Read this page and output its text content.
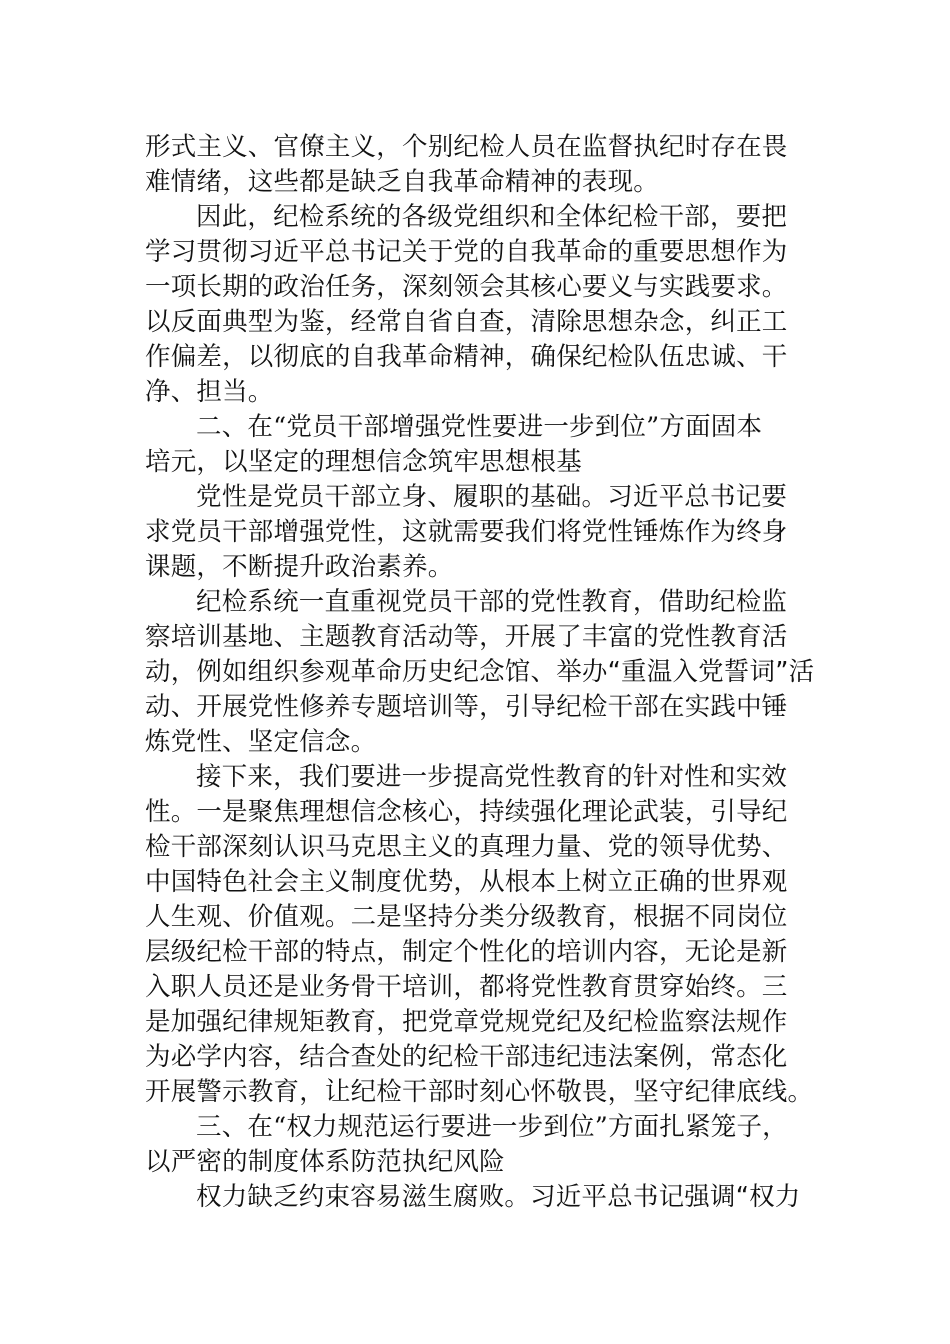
形式主义、官僚主义，个别纪检人员在监督执纪时存在畏
难情绪，这些都是缺乏自我革命精神的表现。
因此，纪检系统的各级党组织和全体纪检干部，要把
学习贯彻习近平总书记关于党的自我革命的重要思想作为
一项长期的政治任务，深刻领会其核心要义与实践要求。
以反面典型为鉴，经常自省自查，清除思想杂念，纠正工
作偏差，以彻底的自我革命精神，确保纪检队伍忠诚、干
净、担当。
二、在“党员干部增强党性要进一步到位”方面固本
培元，以坚定的理想信念筑牢思想根基
党性是党员干部立身、履职的基础。习近平总书记要
求党员干部增强党性，这就需要我们将党性锤炼作为终身
课题，不断提升政治素养。
纪检系统一直重视党员干部的党性教育，借助纪检监
察培训基地、主题教育活动等，开展了丰富的党性教育活
动，例如组织参观革命历史纪念馆、举办“重温入党誓词”活
动、开展党性修养专题培训等，引导纪检干部在实践中锤
炼党性、坚定信念。
接下来，我们要进一步提高党性教育的针对性和实效
性。一是聚焦理想信念核心，持续强化理论武装，引导纪
检干部深刻认识马克思主义的真理力量、党的领导优势、
中国特色社会主义制度优势，从根本上树立正确的世界观
人生观、价值观。二是坚持分类分级教育，根据不同岗位
层级纪检干部的特点，制定个性化的培训内容，无论是新
入职人员还是业务骨干培训，都将党性教育贯穿始终。三
是加强纪律规矩教育，把党章党规党纪及纪检监察法规作
为必学内容，结合查处的纪检干部违纪违法案例，常态化
开展警示教育，让纪检干部时刻心怀敬畏，坚守纪律底线。
三、在“权力规范运行要进一步到位”方面扎紧笼子，
以严密的制度体系防范执纪风险
权力缺乏约束容易滋生腐败。习近平总书记强调“权力
